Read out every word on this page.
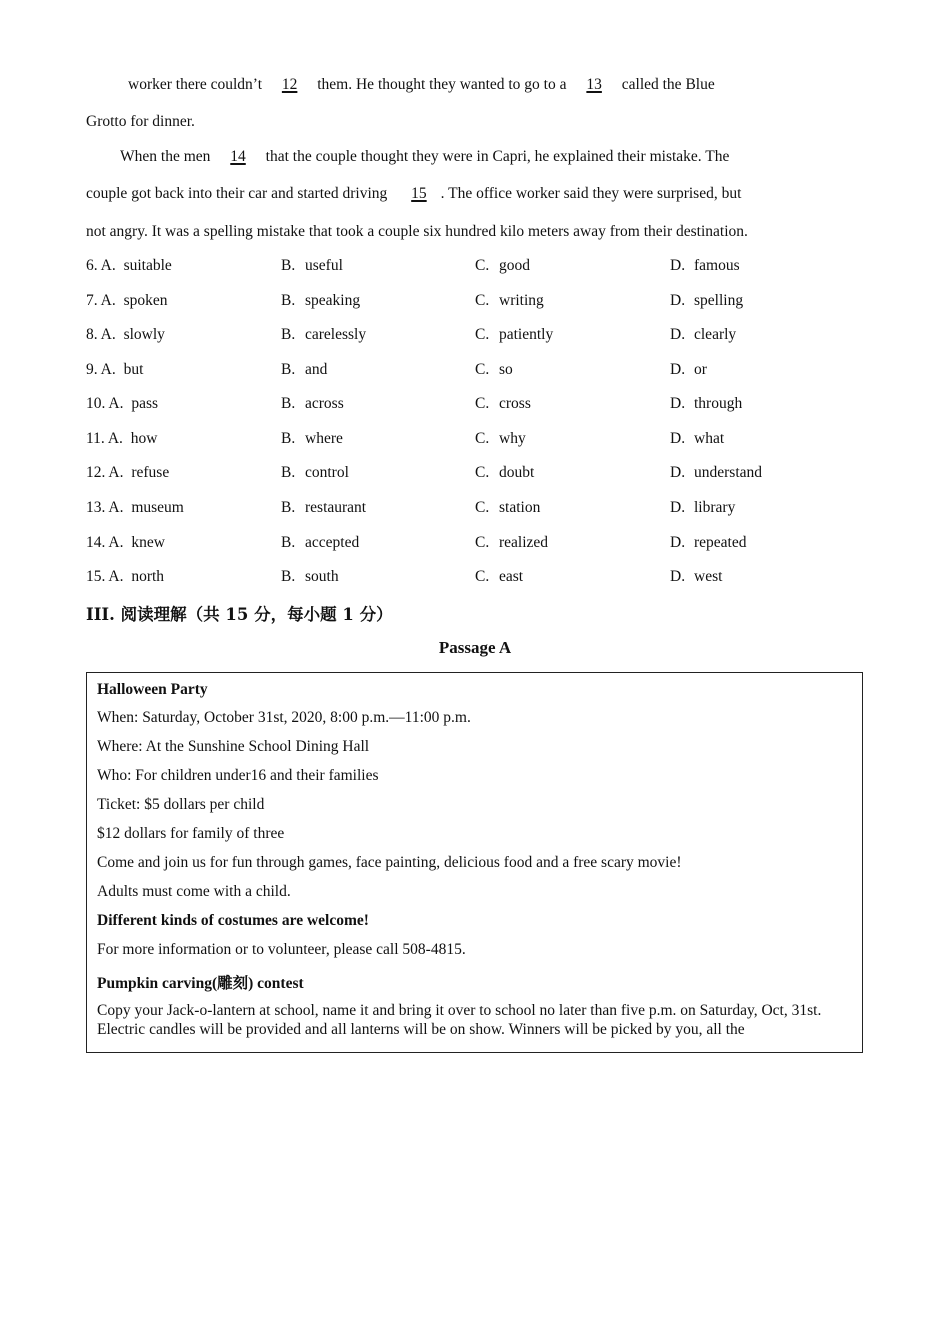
worker there couldn’t 12 them. He thought they wanted to go to a 13 called the Blue
Grotto for dinner.
When the men 14 that the couple thought they were in Capri, he explained their mistake. The
couple got back into their car and started driving 15 . The office worker said they were surprised, but
not angry. It was a spelling mistake that took a couple six hundred kilo meters away from their destination.
6. A. suitable	B. useful	C. good	D. famous
7. A. spoken	B. speaking	C. writing	D. spelling
8. A. slowly	B. carelessly	C. patiently	D. clearly
9. A. but	B. and	C. so	D. or
10. A. pass	B. across	C. cross	D. through
11. A. how	B. where	C. why	D. what
12. A. refuse	B. control	C. doubt	D. understand
13. A. museum	B. restaurant	C. station	D. library
14. A. knew	B. accepted	C. realized	D. repeated
15. A. north	B. south	C. east	D. west
III. 阅读理解（共 15 分，每小题 1 分）
Passage A
Halloween Party
When: Saturday, October 31st, 2020, 8:00 p.m.—11:00 p.m.
Where: At the Sunshine School Dining Hall
Who: For children under16 and their families
Ticket: $5 dollars per child
$12 dollars for family of three
Come and join us for fun through games, face painting, delicious food and a free scary movie!
Adults must come with a child.
Different kinds of costumes are welcome!
For more information or to volunteer, please call 508-4815.
Pumpkin carving(雕刻) contest
Copy your Jack-o-lantern at school, name it and bring it over to school no later than five p.m. on Saturday, Oct, 31st. Electric candles will be provided and all lanterns will be on show. Winners will be picked by you, all the
